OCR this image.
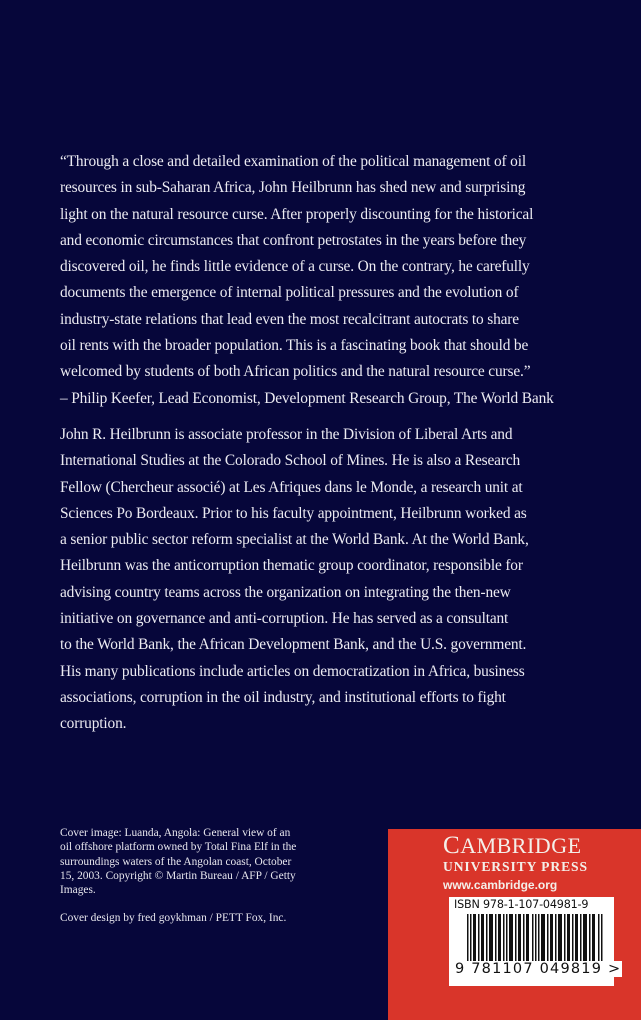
“Through a close and detailed examination of the political management of oil
resources in sub-Saharan Africa, John Heilbrunn has shed new and surprising
light on the natural resource curse. After properly discounting for the historical
and economic circumstances that confront petrostates in the years before they
discovered oil, he finds little evidence of a curse. On the contrary, he carefully
documents the emergence of internal political pressures and the evolution of
industry-state relations that lead even the most recalcitrant autocrats to share
oil rents with the broader population. This is a fascinating book that should be
welcomed by students of both African politics and the natural resource curse.”
– Philip Keefer, Lead Economist, Development Research Group, The World Bank
John R. Heilbrunn is associate professor in the Division of Liberal Arts and
International Studies at the Colorado School of Mines. He is also a Research
Fellow (Chercheur associé) at Les Afriques dans le Monde, a research unit at
Sciences Po Bordeaux. Prior to his faculty appointment, Heilbrunn worked as
a senior public sector reform specialist at the World Bank. At the World Bank,
Heilbrunn was the anticorruption thematic group coordinator, responsible for
advising country teams across the organization on integrating the then-new
initiative on governance and anti-corruption. He has served as a consultant
to the World Bank, the African Development Bank, and the U.S. government.
His many publications include articles on democratization in Africa, business
associations, corruption in the oil industry, and institutional efforts to fight
corruption.
Cover image: Luanda, Angola: General view of an
oil offshore platform owned by Total Fina Elf in the
surroundings waters of the Angolan coast, October
15, 2003. Copyright © Martin Bureau / AFP / Getty
Images.
Cover design by fred goykhman / PETT Fox, Inc.
CAMBRIDGE
UNIVERSITY PRESS
www.cambridge.org
ISBN 978-1-107-04981-9
9 781107 049819 >
